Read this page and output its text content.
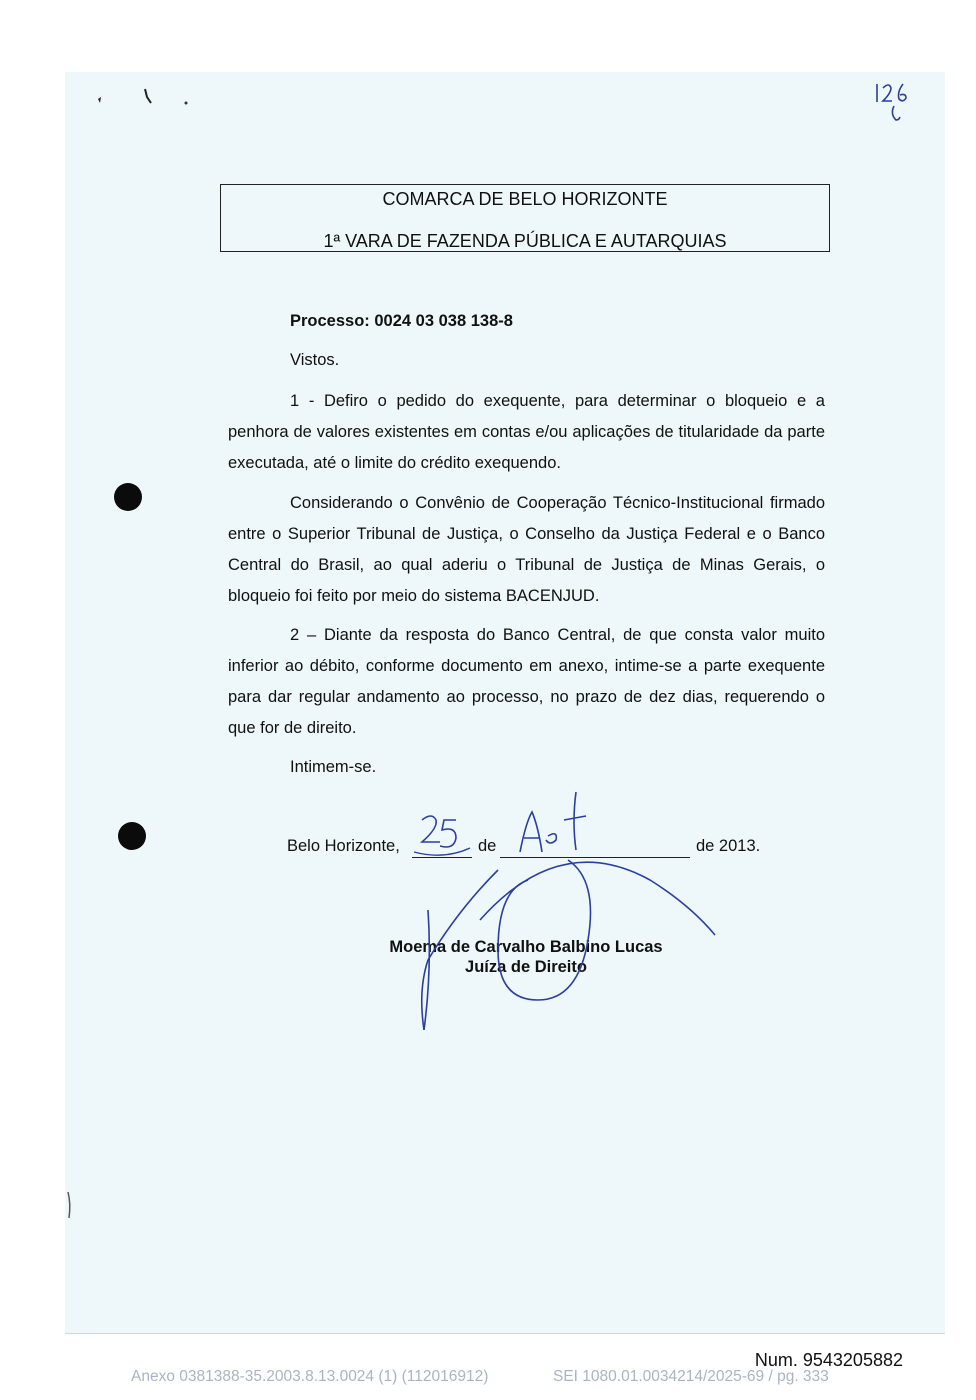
COMARCA DE BELO HORIZONTE
1ª VARA DE FAZENDA PÚBLICA E AUTARQUIAS
Processo: 0024 03 038 138-8
Vistos.

1 - Defiro o pedido do exequente, para determinar o bloqueio e a penhora de valores existentes em contas e/ou aplicações de titularidade da parte executada, até o limite do crédito exequendo.

Considerando o Convênio de Cooperação Técnico-Institucional firmado entre o Superior Tribunal de Justiça, o Conselho da Justiça Federal e o Banco Central do Brasil, ao qual aderiu o Tribunal de Justiça de Minas Gerais, o bloqueio foi feito por meio do sistema BACENJUD.

2 – Diante da resposta do Banco Central, de que consta valor muito inferior ao débito, conforme documento em anexo, intime-se a parte exequente para dar regular andamento ao processo, no prazo de dez dias, requerendo o que for de direito.

Intimem-se.
Belo Horizonte,	de	de 2013.
Moema de Carvalho Balbino Lucas
Juíza de Direito
Num. 9543205882
Anexo 0381388-35.2003.8.13.0024 (1) (112016912)	SEI 1080.01.0034214/2025-69 / pg. 333
